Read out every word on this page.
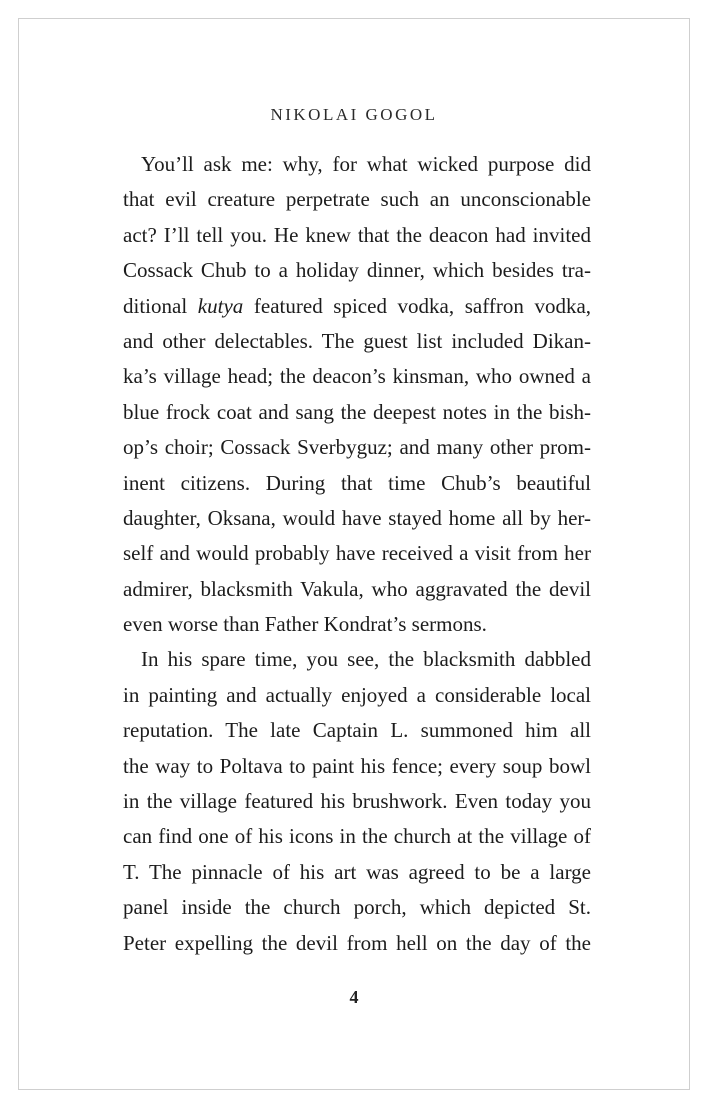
NIKOLAI GOGOL
You’ll ask me: why, for what wicked purpose did
that evil creature perpetrate such an unconscionable
act? I’ll tell you. He knew that the deacon had invited
Cossack Chub to a holiday dinner, which besides tra-
ditional kutya featured spiced vodka, saffron vodka,
and other delectables. The guest list included Dikan-
ka’s village head; the deacon’s kinsman, who owned a
blue frock coat and sang the deepest notes in the bish-
op’s choir; Cossack Sverbyguz; and many other prom-
inent citizens. During that time Chub’s beautiful
daughter, Oksana, would have stayed home all by her-
self and would probably have received a visit from her
admirer, blacksmith Vakula, who aggravated the devil
even worse than Father Kondrat’s sermons.
In his spare time, you see, the blacksmith dabbled
in painting and actually enjoyed a considerable local
reputation. The late Captain L. summoned him all
the way to Poltava to paint his fence; every soup bowl
in the village featured his brushwork. Even today you
can find one of his icons in the church at the village of
T. The pinnacle of his art was agreed to be a large
panel inside the church porch, which depicted St.
Peter expelling the devil from hell on the day of the
4
